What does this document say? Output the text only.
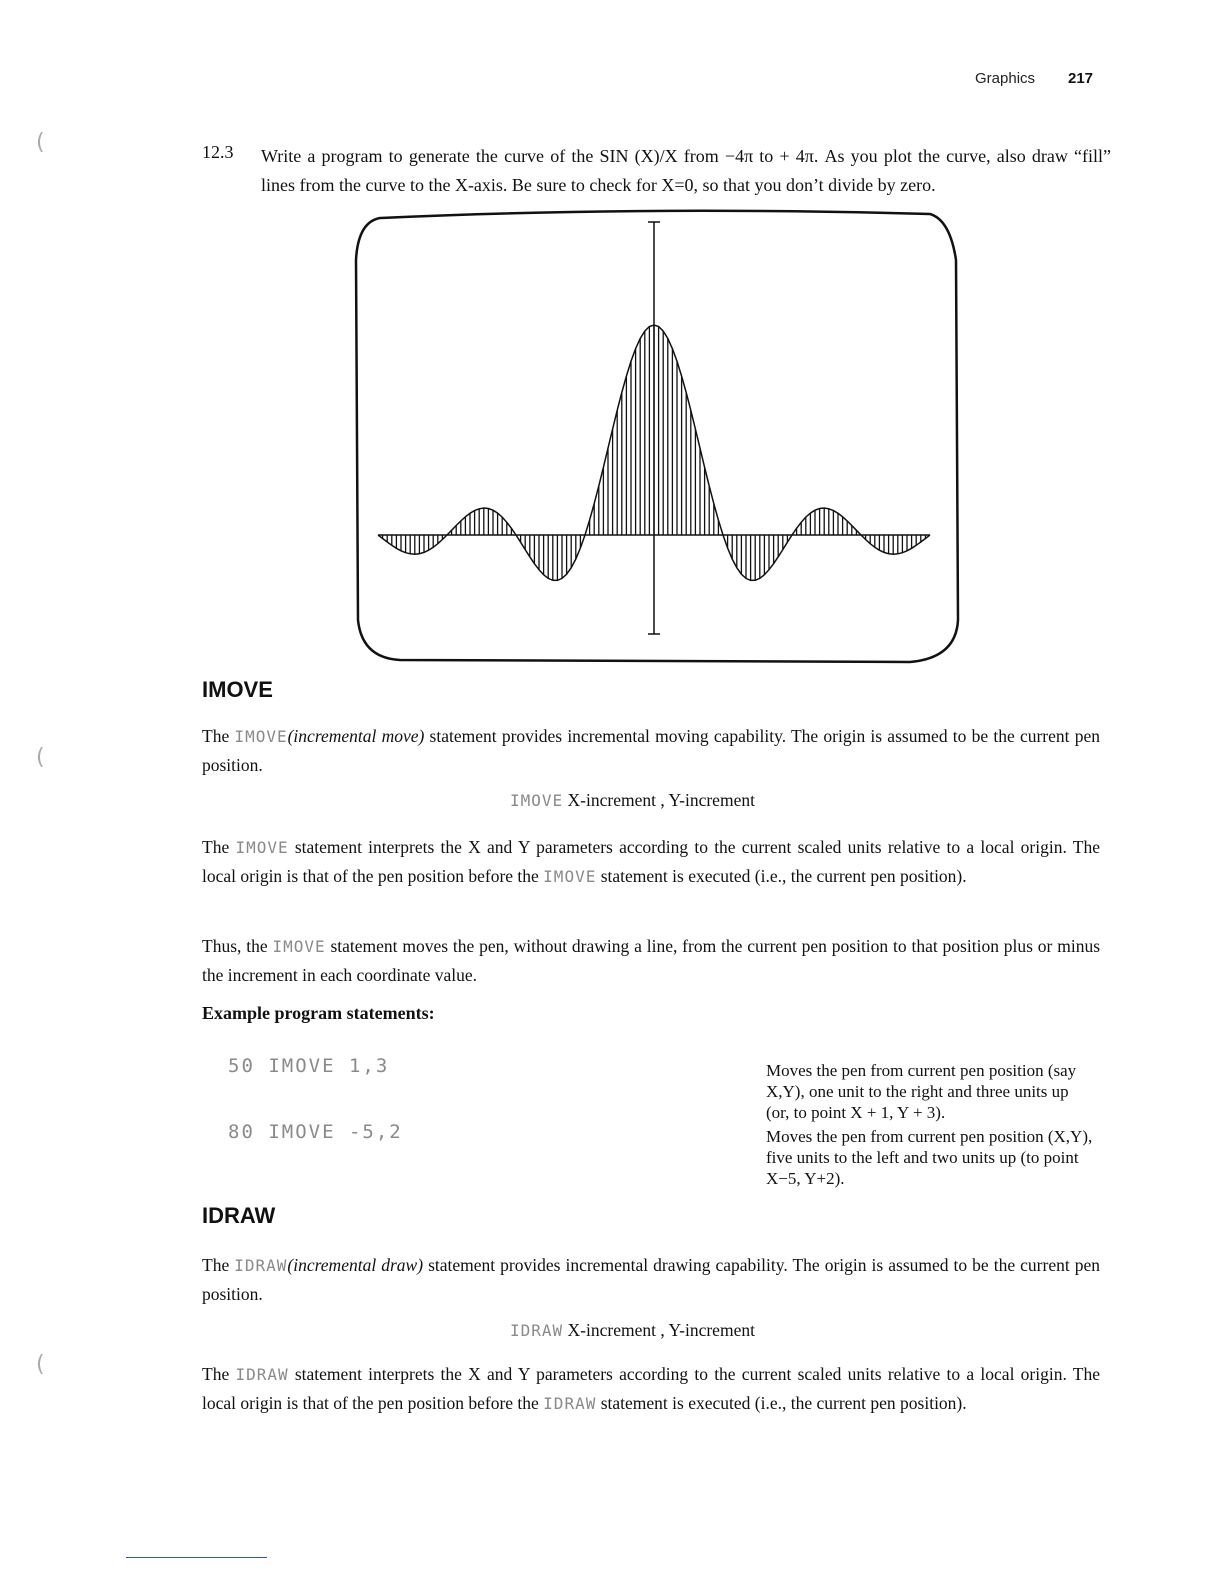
Graphics 217
(
(
(
12.3 Write a program to generate the curve of the SIN (X)/X from −4π to + 4π. As you plot the curve, also draw “fill” lines from the curve to the X-axis. Be sure to check for X=0, so that you don’t divide by zero.
IMOVE
The IMOVE(incremental move) statement provides incremental moving capability. The origin is assumed to be the current pen position.
IMOVE X-increment , Y-increment
The IMOVE statement interprets the X and Y parameters according to the current scaled units relative to a local origin. The local origin is that of the pen position before the IMOVE statement is executed (i.e., the current pen position).
Thus, the IMOVE statement moves the pen, without drawing a line, from the current pen position to that position plus or minus the increment in each coordinate value.
Example program statements:
50 IMOVE 1,3	Moves the pen from current pen position (say X,Y), one unit to the right and three units up (or, to point X + 1, Y + 3).
80 IMOVE -5,2	Moves the pen from current pen position (X,Y), five units to the left and two units up (to point X−5, Y+2).
IDRAW
The IDRAW(incremental draw) statement provides incremental drawing capability. The origin is assumed to be the current pen position.
IDRAW X-increment , Y-increment
The IDRAW statement interprets the X and Y parameters according to the current scaled units relative to a local origin. The local origin is that of the pen position before the IDRAW statement is executed (i.e., the current pen position).
